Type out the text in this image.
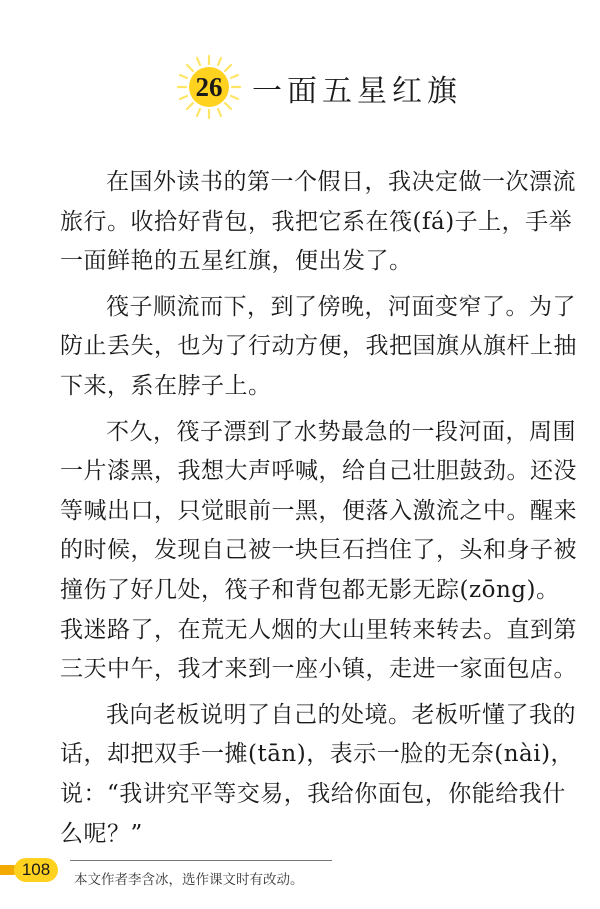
26 一面五星红旗

在国外读书的第一个假日，我决定做一次漂流旅行。收拾好背包，我把它系在筏(fá)子上，手举一面鲜艳的五星红旗，便出发了。

筏子顺流而下，到了傍晚，河面变窄了。为了防止丢失，也为了行动方便，我把国旗从旗杆上抽下来，系在脖子上。

不久，筏子漂到了水势最急的一段河面，周围一片漆黑，我想大声呼喊，给自己壮胆鼓劲。还没等喊出口，只觉眼前一黑，便落入激流之中。醒来的时候，发现自己被一块巨石挡住了，头和身子被撞伤了好几处，筏子和背包都无影无踪(zōng)。我迷路了，在荒无人烟的大山里转来转去。直到第三天中午，我才来到一座小镇，走进一家面包店。

我向老板说明了自己的处境。老板听懂了我的话，却把双手一摊(tān)，表示一脸的无奈(nài)，说：“我讲究平等交易，我给你面包，你能给我什么呢？”

108
本文作者李含冰，选作课文时有改动。
